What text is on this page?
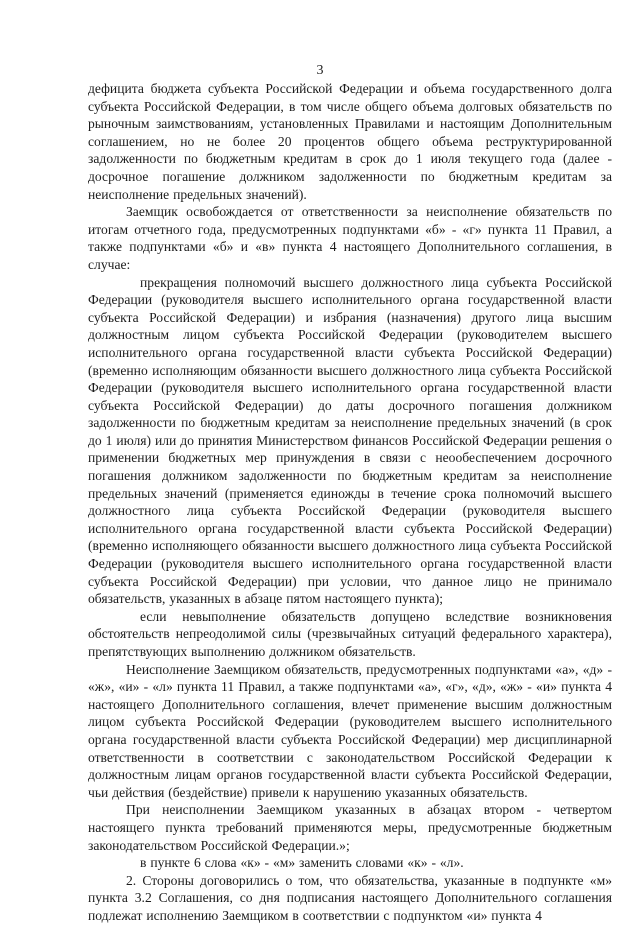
3

дефицита бюджета субъекта Российской Федерации и объема государственного долга субъекта Российской Федерации, в том числе общего объема долговых обязательств по рыночным заимствованиям, установленных Правилами и настоящим Дополнительным соглашением, но не более 20 процентов общего объема реструктурированной задолженности по бюджетным кредитам в срок до 1 июля текущего года (далее - досрочное погашение должником задолженности по бюджетным кредитам за неисполнение предельных значений).

Заемщик освобождается от ответственности за неисполнение обязательств по итогам отчетного года, предусмотренных подпунктами «б» - «г» пункта 11 Правил, а также подпунктами «б» и «в» пункта 4 настоящего Дополнительного соглашения, в случае:

прекращения полномочий высшего должностного лица субъекта Российской Федерации (руководителя высшего исполнительного органа государственной власти субъекта Российской Федерации) и избрания (назначения) другого лица высшим должностным лицом субъекта Российской Федерации (руководителем высшего исполнительного органа государственной власти субъекта Российской Федерации) (временно исполняющим обязанности высшего должностного лица субъекта Российской Федерации (руководителя высшего исполнительного органа государственной власти субъекта Российской Федерации) до даты досрочного погашения должником задолженности по бюджетным кредитам за неисполнение предельных значений (в срок до 1 июля) или до принятия Министерством финансов Российской Федерации решения о применении бюджетных мер принуждения в связи с неообеспечением досрочного погашения должником задолженности по бюджетным кредитам за неисполнение предельных значений (применяется единожды в течение срока полномочий высшего должностного лица субъекта Российской Федерации (руководителя высшего исполнительного органа государственной власти субъекта Российской Федерации) (временно исполняющего обязанности высшего должностного лица субъекта Российской Федерации (руководителя высшего исполнительного органа государственной власти субъекта Российской Федерации) при условии, что данное лицо не принимало обязательств, указанных в абзаце пятом настоящего пункта);

если невыполнение обязательств допущено вследствие возникновения обстоятельств непреодолимой силы (чрезвычайных ситуаций федерального характера), препятствующих выполнению должником обязательств.

Неисполнение Заемщиком обязательств, предусмотренных подпунктами «а», «д» - «ж», «и» - «л» пункта 11 Правил, а также подпунктами «а», «г», «д», «ж» - «и» пункта 4 настоящего Дополнительного соглашения, влечет применение высшим должностным лицом субъекта Российской Федерации (руководителем высшего исполнительного органа государственной власти субъекта Российской Федерации) мер дисциплинарной ответственности в соответствии с законодательством Российской Федерации к должностным лицам органов государственной власти субъекта Российской Федерации, чьи действия (бездействие) привели к нарушению указанных обязательств.

При неисполнении Заемщиком указанных в абзацах втором - четвертом настоящего пункта требований применяются меры, предусмотренные бюджетным законодательством Российской Федерации.»;

в пункте 6 слова «к» - «м» заменить словами «к» - «л».

2. Стороны договорились о том, что обязательства, указанные в подпункте «м» пункта 3.2 Соглашения, со дня подписания настоящего Дополнительного соглашения подлежат исполнению Заемщиком в соответствии с подпунктом «и» пункта 4
